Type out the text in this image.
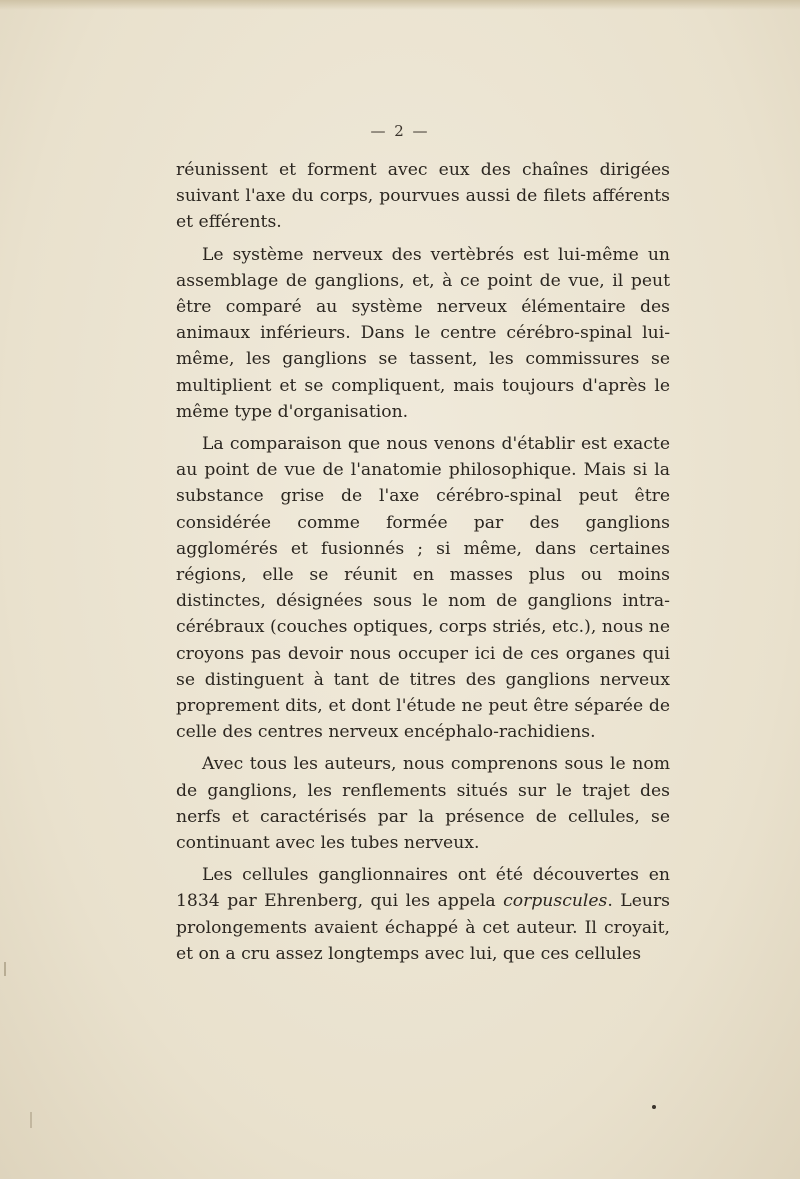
— 2 —

réunissent et forment avec eux des chaînes dirigées suivant l'axe du corps, pourvues aussi de filets afférents et efférents.

Le système nerveux des vertèbrés est lui-même un assemblage de ganglions, et, à ce point de vue, il peut être comparé au système nerveux élémentaire des animaux inférieurs. Dans le centre cérébro-spinal lui-même, les ganglions se tassent, les commissures se multiplient et se compliquent, mais toujours d'après le même type d'organisation.

La comparaison que nous venons d'établir est exacte au point de vue de l'anatomie philosophique. Mais si la substance grise de l'axe cérébro-spinal peut être considérée comme formée par des ganglions agglomérés et fusionnés ; si même, dans certaines régions, elle se réunit en masses plus ou moins distinctes, désignées sous le nom de ganglions intra-cérébraux (couches optiques, corps striés, etc.), nous ne croyons pas devoir nous occuper ici de ces organes qui se distinguent à tant de titres des ganglions nerveux proprement dits, et dont l'étude ne peut être séparée de celle des centres nerveux encéphalo-rachidiens.

Avec tous les auteurs, nous comprenons sous le nom de ganglions, les renflements situés sur le trajet des nerfs et caractérisés par la présence de cellules, se continuant avec les tubes nerveux.

Les cellules ganglionnaires ont été découvertes en 1834 par Ehrenberg, qui les appela corpuscules. Leurs prolongements avaient échappé à cet auteur. Il croyait, et on a cru assez longtemps avec lui, que ces cellules
